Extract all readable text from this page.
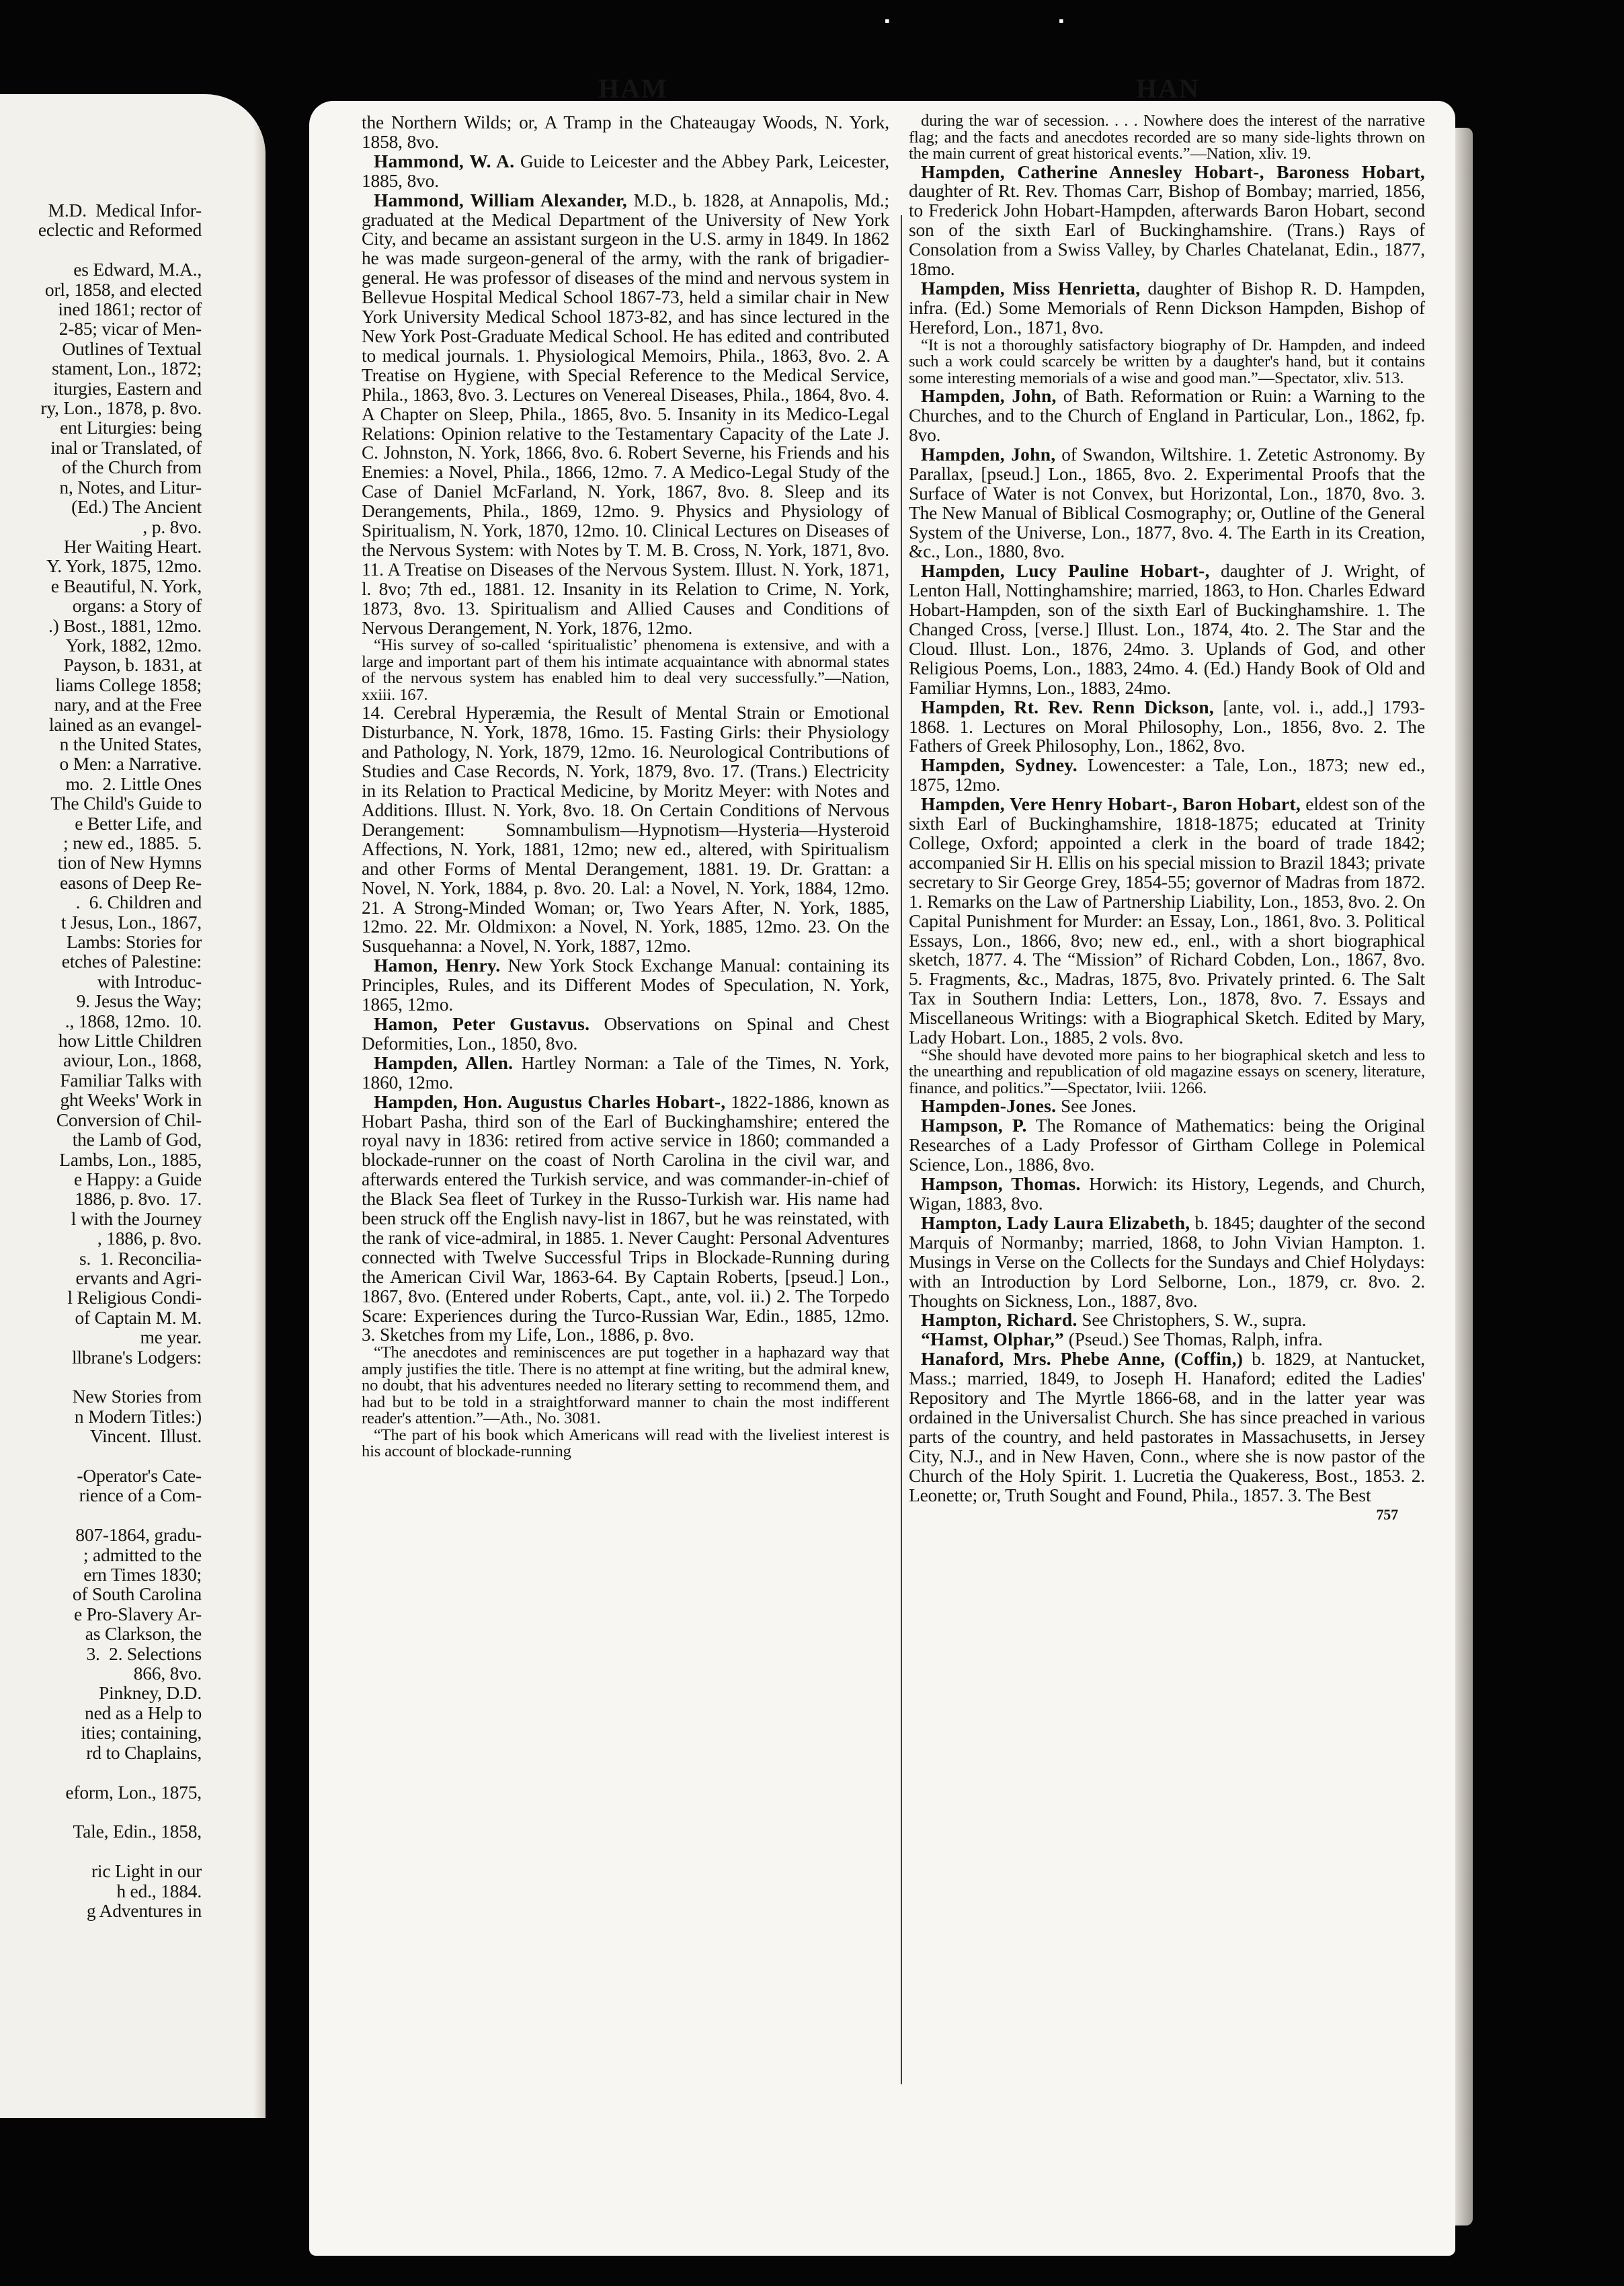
M.D.  Medical Infor-
eclectic and Reformed

es Edward, M.A.,
orl, 1858, and elected
ined 1861; rector of
2-85; vicar of Men-
Outlines of Textual
stament, Lon., 1872;
iturgies, Eastern and
ry, Lon., 1878, p. 8vo.
ent Liturgies: being
inal or Translated, of
of the Church from
n, Notes, and Litur-
(Ed.) The Ancient
, p. 8vo.
Her Waiting Heart.
Y. York, 1875, 12mo.
e Beautiful, N. York,
organs: a Story of
.) Bost., 1881, 12mo.
York, 1882, 12mo.
Payson, b. 1831, at
liams College 1858;
nary, and at the Free
lained as an evangel-
n the United States,
o Men: a Narrative.
mo.  2. Little Ones
The Child's Guide to
e Better Life, and
; new ed., 1885.  5.
tion of New Hymns
easons of Deep Re-
.  6. Children and
t Jesus, Lon., 1867,
Lambs: Stories for
etches of Palestine:
with Introduc-
9. Jesus the Way;
., 1868, 12mo.  10.
how Little Children
aviour, Lon., 1868,
Familiar Talks with
ght Weeks' Work in
Conversion of Chil-
the Lamb of God,
Lambs, Lon., 1885,
e Happy: a Guide
1886, p. 8vo.  17.
l with the Journey
, 1886, p. 8vo.
s.  1. Reconcilia-
ervants and Agri-
l Religious Condi-
of Captain M. M.
me year.
llbrane's Lodgers:

New Stories from
n Modern Titles:)
Vincent.  Illust.

-Operator's Cate-
rience of a Com-

807-1864, gradu-
; admitted to the
ern Times 1830;
of South Carolina
e Pro-Slavery Ar-
as Clarkson, the
3.  2. Selections
866, 8vo.
Pinkney, D.D.
ned as a Help to
ities; containing,
rd to Chaplains,

eform, Lon., 1875,

Tale, Edin., 1858,

ric Light in our
h ed., 1884.
g Adventures in
HAM	HAN

the Northern Wilds; or, A Tramp in the Chateaugay Woods, N. York, 1858, 8vo.

Hammond, W. A. Guide to Leicester and the Abbey Park, Leicester, 1885, 8vo.

Hammond, William Alexander, M.D., b. 1828, at Annapolis, Md.; graduated at the Medical Department of the University of New York City, and became an assistant surgeon in the U.S. army in 1849. In 1862 he was made surgeon-general of the army, with the rank of brigadier-general. He was professor of diseases of the mind and nervous system in Bellevue Hospital Medical School 1867-73, held a similar chair in New York University Medical School 1873-82, and has since lectured in the New York Post-Graduate Medical School. He has edited and contributed to medical journals. 1. Physiological Memoirs, Phila., 1863, 8vo. 2. A Treatise on Hygiene, with Special Reference to the Medical Service, Phila., 1863, 8vo. 3. Lectures on Venereal Diseases, Phila., 1864, 8vo. 4. A Chapter on Sleep, Phila., 1865, 8vo. 5. Insanity in its Medico-Legal Relations: Opinion relative to the Testamentary Capacity of the Late J. C. Johnston, N. York, 1866, 8vo. 6. Robert Severne, his Friends and his Enemies: a Novel, Phila., 1866, 12mo. 7. A Medico-Legal Study of the Case of Daniel McFarland, N. York, 1867, 8vo. 8. Sleep and its Derangements, Phila., 1869, 12mo. 9. Physics and Physiology of Spiritualism, N. York, 1870, 12mo. 10. Clinical Lectures on Diseases of the Nervous System: with Notes by T. M. B. Cross, N. York, 1871, 8vo. 11. A Treatise on Diseases of the Nervous System. Illust. N. York, 1871, l. 8vo; 7th ed., 1881. 12. Insanity in its Relation to Crime, N. York, 1873, 8vo. 13. Spiritualism and Allied Causes and Conditions of Nervous Derangement, N. York, 1876, 12mo.

“His survey of so-called ‘spiritualistic’ phenomena is extensive, and with a large and important part of them his intimate acquaintance with abnormal states of the nervous system has enabled him to deal very successfully.”—Nation, xxiii. 167.

14. Cerebral Hyperæmia, the Result of Mental Strain or Emotional Disturbance, N. York, 1878, 16mo. 15. Fasting Girls: their Physiology and Pathology, N. York, 1879, 12mo. 16. Neurological Contributions of Studies and Case Records, N. York, 1879, 8vo. 17. (Trans.) Electricity in its Relation to Practical Medicine, by Moritz Meyer: with Notes and Additions. Illust. N. York, 8vo. 18. On Certain Conditions of Nervous Derangement: Somnambulism—Hypnotism—Hysteria—Hysteroid Affections, N. York, 1881, 12mo; new ed., altered, with Spiritualism and other Forms of Mental Derangement, 1881. 19. Dr. Grattan: a Novel, N. York, 1884, p. 8vo. 20. Lal: a Novel, N. York, 1884, 12mo. 21. A Strong-Minded Woman; or, Two Years After, N. York, 1885, 12mo. 22. Mr. Oldmixon: a Novel, N. York, 1885, 12mo. 23. On the Susquehanna: a Novel, N. York, 1887, 12mo.

Hamon, Henry. New York Stock Exchange Manual: containing its Principles, Rules, and its Different Modes of Speculation, N. York, 1865, 12mo.

Hamon, Peter Gustavus. Observations on Spinal and Chest Deformities, Lon., 1850, 8vo.

Hampden, Allen. Hartley Norman: a Tale of the Times, N. York, 1860, 12mo.

Hampden, Hon. Augustus Charles Hobart-, 1822-1886, known as Hobart Pasha, third son of the Earl of Buckinghamshire; entered the royal navy in 1836: retired from active service in 1860; commanded a blockade-runner on the coast of North Carolina in the civil war, and afterwards entered the Turkish service, and was commander-in-chief of the Black Sea fleet of Turkey in the Russo-Turkish war. His name had been struck off the English navy-list in 1867, but he was reinstated, with the rank of vice-admiral, in 1885. 1. Never Caught: Personal Adventures connected with Twelve Successful Trips in Blockade-Running during the American Civil War, 1863-64. By Captain Roberts, [pseud.] Lon., 1867, 8vo. (Entered under Roberts, Capt., ante, vol. ii.) 2. The Torpedo Scare: Experiences during the Turco-Russian War, Edin., 1885, 12mo. 3. Sketches from my Life, Lon., 1886, p. 8vo.

“The anecdotes and reminiscences are put together in a haphazard way that amply justifies the title. There is no attempt at fine writing, but the admiral knew, no doubt, that his adventures needed no literary setting to recommend them, and had but to be told in a straightforward manner to chain the most indifferent reader's attention.”—Ath., No. 3081.

“The part of his book which Americans will read with the liveliest interest is his account of blockade-running

during the war of secession. . . . Nowhere does the interest of the narrative flag; and the facts and anecdotes recorded are so many side-lights thrown on the main current of great historical events.”—Nation, xliv. 19.

Hampden, Catherine Annesley Hobart-, Baroness Hobart, daughter of Rt. Rev. Thomas Carr, Bishop of Bombay; married, 1856, to Frederick John Hobart-Hampden, afterwards Baron Hobart, second son of the sixth Earl of Buckinghamshire. (Trans.) Rays of Consolation from a Swiss Valley, by Charles Chatelanat, Edin., 1877, 18mo.

Hampden, Miss Henrietta, daughter of Bishop R. D. Hampden, infra. (Ed.) Some Memorials of Renn Dickson Hampden, Bishop of Hereford, Lon., 1871, 8vo.

“It is not a thoroughly satisfactory biography of Dr. Hampden, and indeed such a work could scarcely be written by a daughter's hand, but it contains some interesting memorials of a wise and good man.”—Spectator, xliv. 513.

Hampden, John, of Bath. Reformation or Ruin: a Warning to the Churches, and to the Church of England in Particular, Lon., 1862, fp. 8vo.

Hampden, John, of Swandon, Wiltshire. 1. Zetetic Astronomy. By Parallax, [pseud.] Lon., 1865, 8vo. 2. Experimental Proofs that the Surface of Water is not Convex, but Horizontal, Lon., 1870, 8vo. 3. The New Manual of Biblical Cosmography; or, Outline of the General System of the Universe, Lon., 1877, 8vo. 4. The Earth in its Creation, &c., Lon., 1880, 8vo.

Hampden, Lucy Pauline Hobart-, daughter of J. Wright, of Lenton Hall, Nottinghamshire; married, 1863, to Hon. Charles Edward Hobart-Hampden, son of the sixth Earl of Buckinghamshire. 1. The Changed Cross, [verse.] Illust. Lon., 1874, 4to. 2. The Star and the Cloud. Illust. Lon., 1876, 24mo. 3. Uplands of God, and other Religious Poems, Lon., 1883, 24mo. 4. (Ed.) Handy Book of Old and Familiar Hymns, Lon., 1883, 24mo.

Hampden, Rt. Rev. Renn Dickson, [ante, vol. i., add.,] 1793-1868. 1. Lectures on Moral Philosophy, Lon., 1856, 8vo. 2. The Fathers of Greek Philosophy, Lon., 1862, 8vo.

Hampden, Sydney. Lowencester: a Tale, Lon., 1873; new ed., 1875, 12mo.

Hampden, Vere Henry Hobart-, Baron Hobart, eldest son of the sixth Earl of Buckinghamshire, 1818-1875; educated at Trinity College, Oxford; appointed a clerk in the board of trade 1842; accompanied Sir H. Ellis on his special mission to Brazil 1843; private secretary to Sir George Grey, 1854-55; governor of Madras from 1872. 1. Remarks on the Law of Partnership Liability, Lon., 1853, 8vo. 2. On Capital Punishment for Murder: an Essay, Lon., 1861, 8vo. 3. Political Essays, Lon., 1866, 8vo; new ed., enl., with a short biographical sketch, 1877. 4. The “Mission” of Richard Cobden, Lon., 1867, 8vo. 5. Fragments, &c., Madras, 1875, 8vo. Privately printed. 6. The Salt Tax in Southern India: Letters, Lon., 1878, 8vo. 7. Essays and Miscellaneous Writings: with a Biographical Sketch. Edited by Mary, Lady Hobart. Lon., 1885, 2 vols. 8vo.

“She should have devoted more pains to her biographical sketch and less to the unearthing and republication of old magazine essays on scenery, literature, finance, and politics.”—Spectator, lviii. 1266.

Hampden-Jones. See Jones.

Hampson, P. The Romance of Mathematics: being the Original Researches of a Lady Professor of Girtham College in Polemical Science, Lon., 1886, 8vo.

Hampson, Thomas. Horwich: its History, Legends, and Church, Wigan, 1883, 8vo.

Hampton, Lady Laura Elizabeth, b. 1845; daughter of the second Marquis of Normanby; married, 1868, to John Vivian Hampton. 1. Musings in Verse on the Collects for the Sundays and Chief Holydays: with an Introduction by Lord Selborne, Lon., 1879, cr. 8vo. 2. Thoughts on Sickness, Lon., 1887, 8vo.

Hampton, Richard. See Christophers, S. W., supra.

“Hamst, Olphar,” (Pseud.) See Thomas, Ralph, infra.

Hanaford, Mrs. Phebe Anne, (Coffin,) b. 1829, at Nantucket, Mass.; married, 1849, to Joseph H. Hanaford; edited the Ladies' Repository and The Myrtle 1866-68, and in the latter year was ordained in the Universalist Church. She has since preached in various parts of the country, and held pastorates in Massachusetts, in Jersey City, N.J., and in New Haven, Conn., where she is now pastor of the Church of the Holy Spirit. 1. Lucretia the Quakeress, Bost., 1853. 2. Leonette; or, Truth Sought and Found, Phila., 1857. 3. The Best

757

▪	▪
